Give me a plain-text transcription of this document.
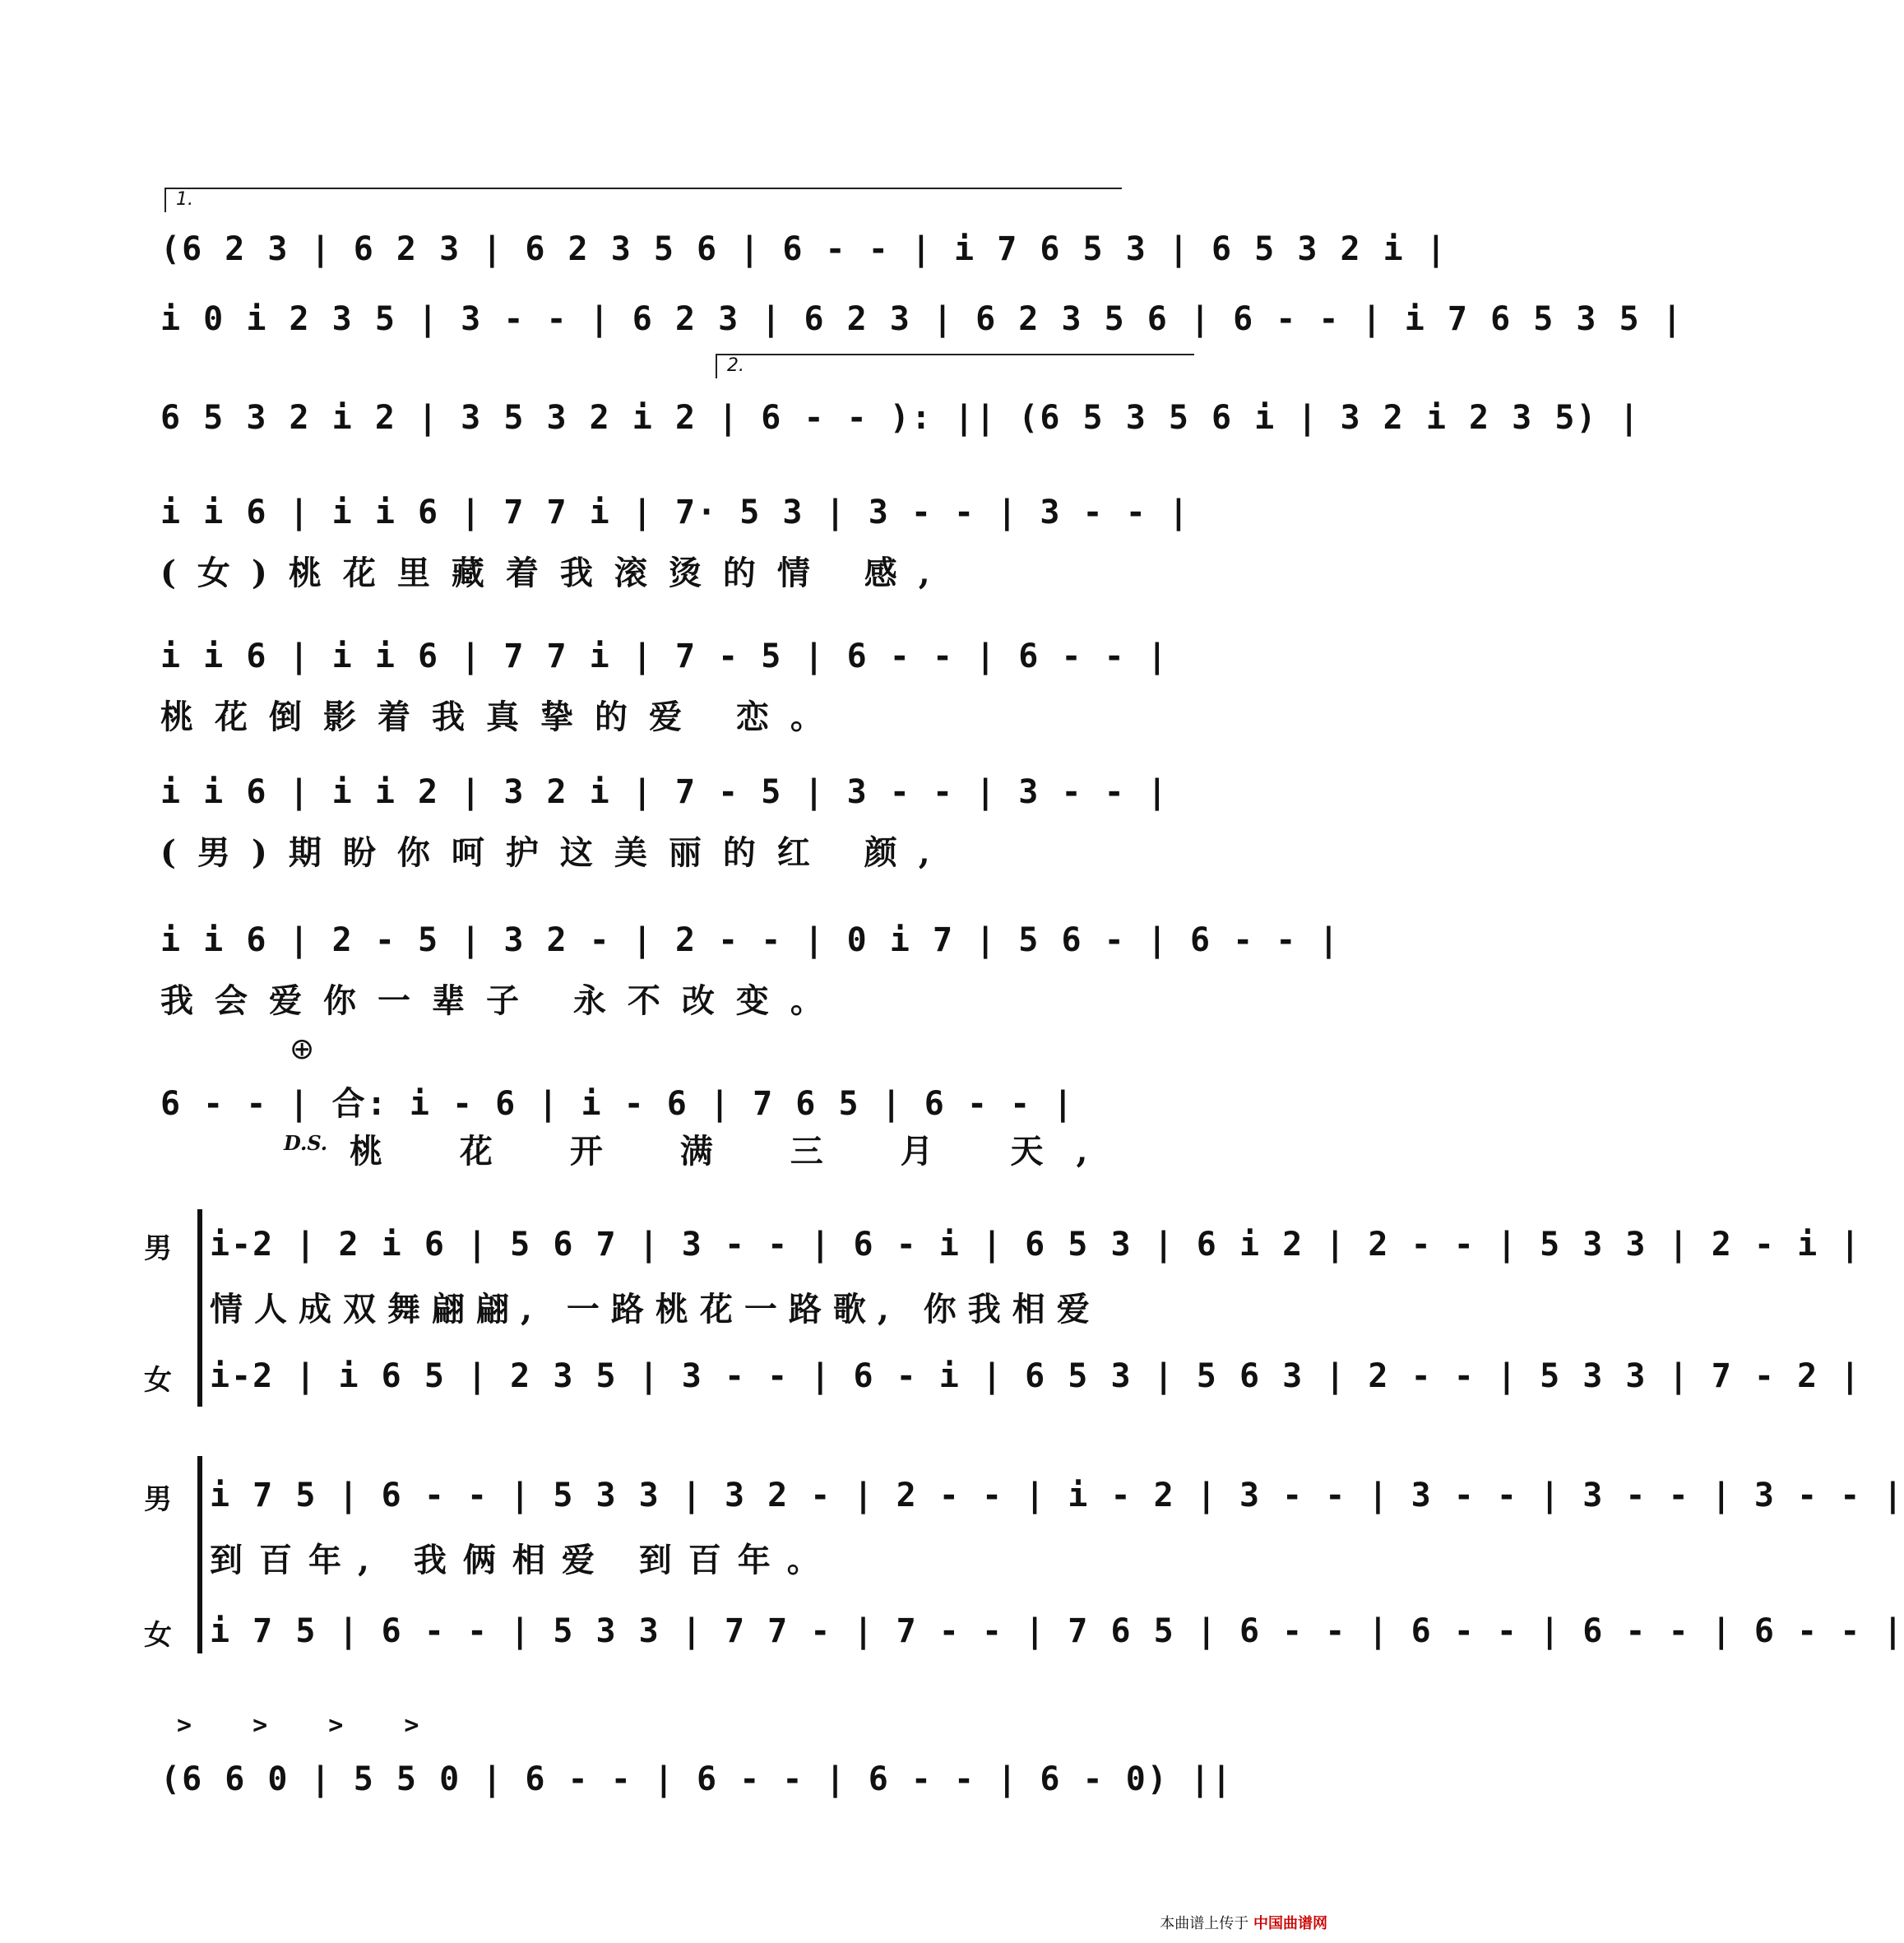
1.
(6 2 3 | 6 2 3 | 6 2 3 5 6 | 6 - - | i 7 6 5 3 | 6 5 3 2 i |
i 0 i 2 3 5 | 3 - - | 6 2 3 | 6 2 3 | 6 2 3 5 6 | 6 - - | i 7 6 5 3 5 |
2.
6 5 3 2 i 2 | 3 5 3 2 i 2 | 6 - - ): || (6 5 3 5 6 i | 3 2 i 2 3 5) |
i i 6 | i i 6 | 7 7 i | 7· 5 3 | 3 - - | 3 - - |
(女)桃花里藏着我滚烫的情 感,
i i 6 | i i 6 | 7 7 i | 7 - 5 | 6 - - | 6 - - |
桃花倒影着我真挚的爱 恋。
i i 6 | i i 2 | 3 2 i | 7 - 5 | 3 - - | 3 - - |
(男)期盼你呵护这美丽的红 颜,
i i 6 | 2 - 5 | 3 2 - | 2 - - | 0 i 7 | 5 6 - | 6 - - |
我会爱你一辈子 永不改变。
⊕
6 - - | 合: i - 6 | i - 6 | 7 6 5 | 6 - - |
D.S. 桃 花 开 满 三 月 天,
男 i-2 | 2 i 6 | 5 6 7 | 3 - - | 6 - i | 6 5 3 | 6 i 2 | 2 - - | 5 3 3 | 2 - i |
情人成双舞翩翩, 一路桃花一路歌, 你我相爱
女 i-2 | i 6 5 | 2 3 5 | 3 - - | 6 - i | 6 5 3 | 5 6 3 | 2 - - | 5 3 3 | 7 - 2 |
男 i 7 5 | 6 - - | 5 3 3 | 3 2 - | 2 - - | i - 2 | 3 - - | 3 - - | 3 - - | 3 - - |
到百年, 我俩相爱 到百年。
女 i 7 5 | 6 - - | 5 3 3 | 7 7 - | 7 - - | 7 6 5 | 6 - - | 6 - - | 6 - - | 6 - - |
> > > >
(6 6 0 | 5 5 0 | 6 - - | 6 - - | 6 - - | 6 - 0) ||
本曲谱上传于 中国曲谱网
